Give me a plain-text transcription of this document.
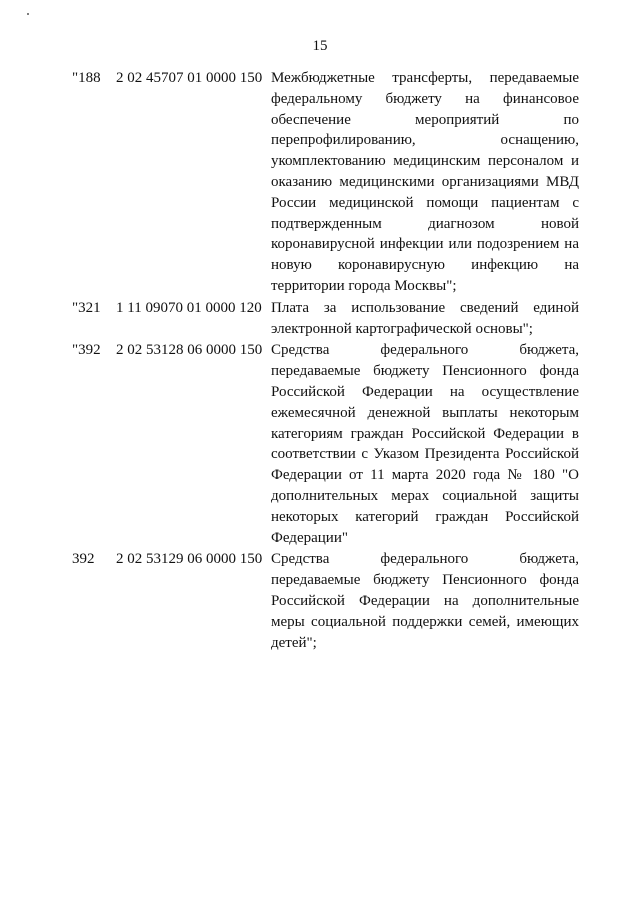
15
"188 2 02 45707 01 0000 150 Межбюджетные трансферты, передаваемые
федеральному бюджету на финансовое
обеспечение мероприятий по
перепрофилированию, оснащению,
укомплектованию медицинским персоналом и
оказанию медицинскими организациями МВД
России медицинской помощи пациентам с
подтвержденным диагнозом новой
коронавирусной инфекции или подозрением на
новую коронавирусную инфекцию на
территории города Москвы";
"321 1 11 09070 01 0000 120 Плата за использование сведений единой
электронной картографической основы";
"392 2 02 53128 06 0000 150 Средства федерального бюджета,
передаваемые бюджету Пенсионного фонда
Российской Федерации на осуществление
ежемесячной денежной выплаты некоторым
категориям граждан Российской Федерации в
соответствии с Указом Президента Российской
Федерации от 11 марта 2020 года № 180 "О
дополнительных мерах социальной защиты
некоторых категорий граждан Российской
Федерации"
392 2 02 53129 06 0000 150 Средства федерального бюджета,
передаваемые бюджету Пенсионного фонда
Российской Федерации на дополнительные
меры социальной поддержки семей, имеющих
детей";
